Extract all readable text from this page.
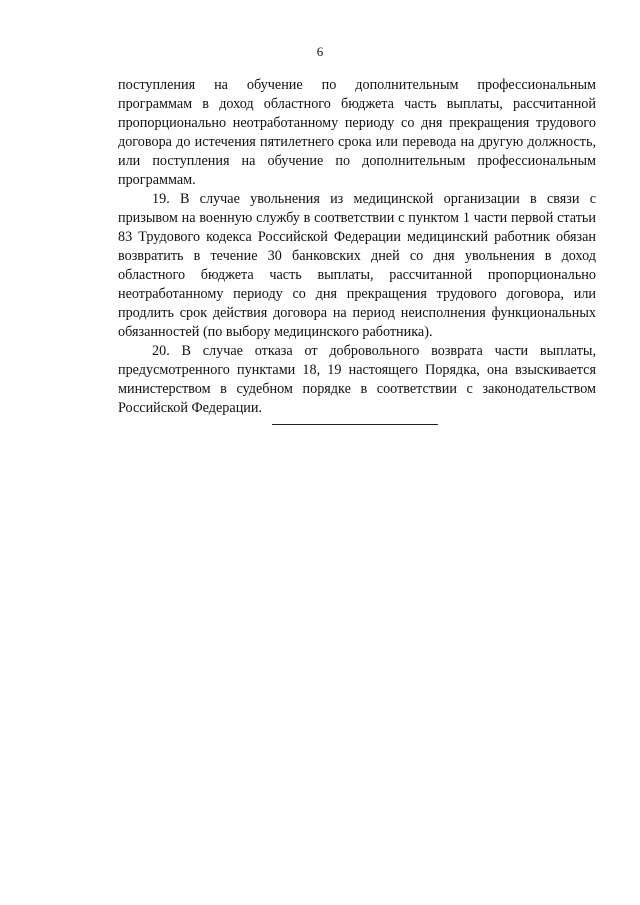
6

поступления на обучение по дополнительным профессиональным программам в доход областного бюджета часть выплаты, рассчитанной пропорционально неотработанному периоду со дня прекращения трудового договора до истечения пятилетнего срока или перевода на другую должность, или поступления на обучение по дополнительным профессиональным программам.

19. В случае увольнения из медицинской организации в связи с призывом на военную службу в соответствии с пунктом 1 части первой статьи 83 Трудового кодекса Российской Федерации медицинский работник обязан возвратить в течение 30 банковских дней со дня увольнения в доход областного бюджета часть выплаты, рассчитанной пропорционально неотработанному периоду со дня прекращения трудового договора, или продлить срок действия договора на период неисполнения функциональных обязанностей (по выбору медицинского работника).

20. В случае отказа от добровольного возврата части выплаты, предусмотренного пунктами 18, 19 настоящего Порядка, она взыскивается министерством в судебном порядке в соответствии с законодательством Российской Федерации.
